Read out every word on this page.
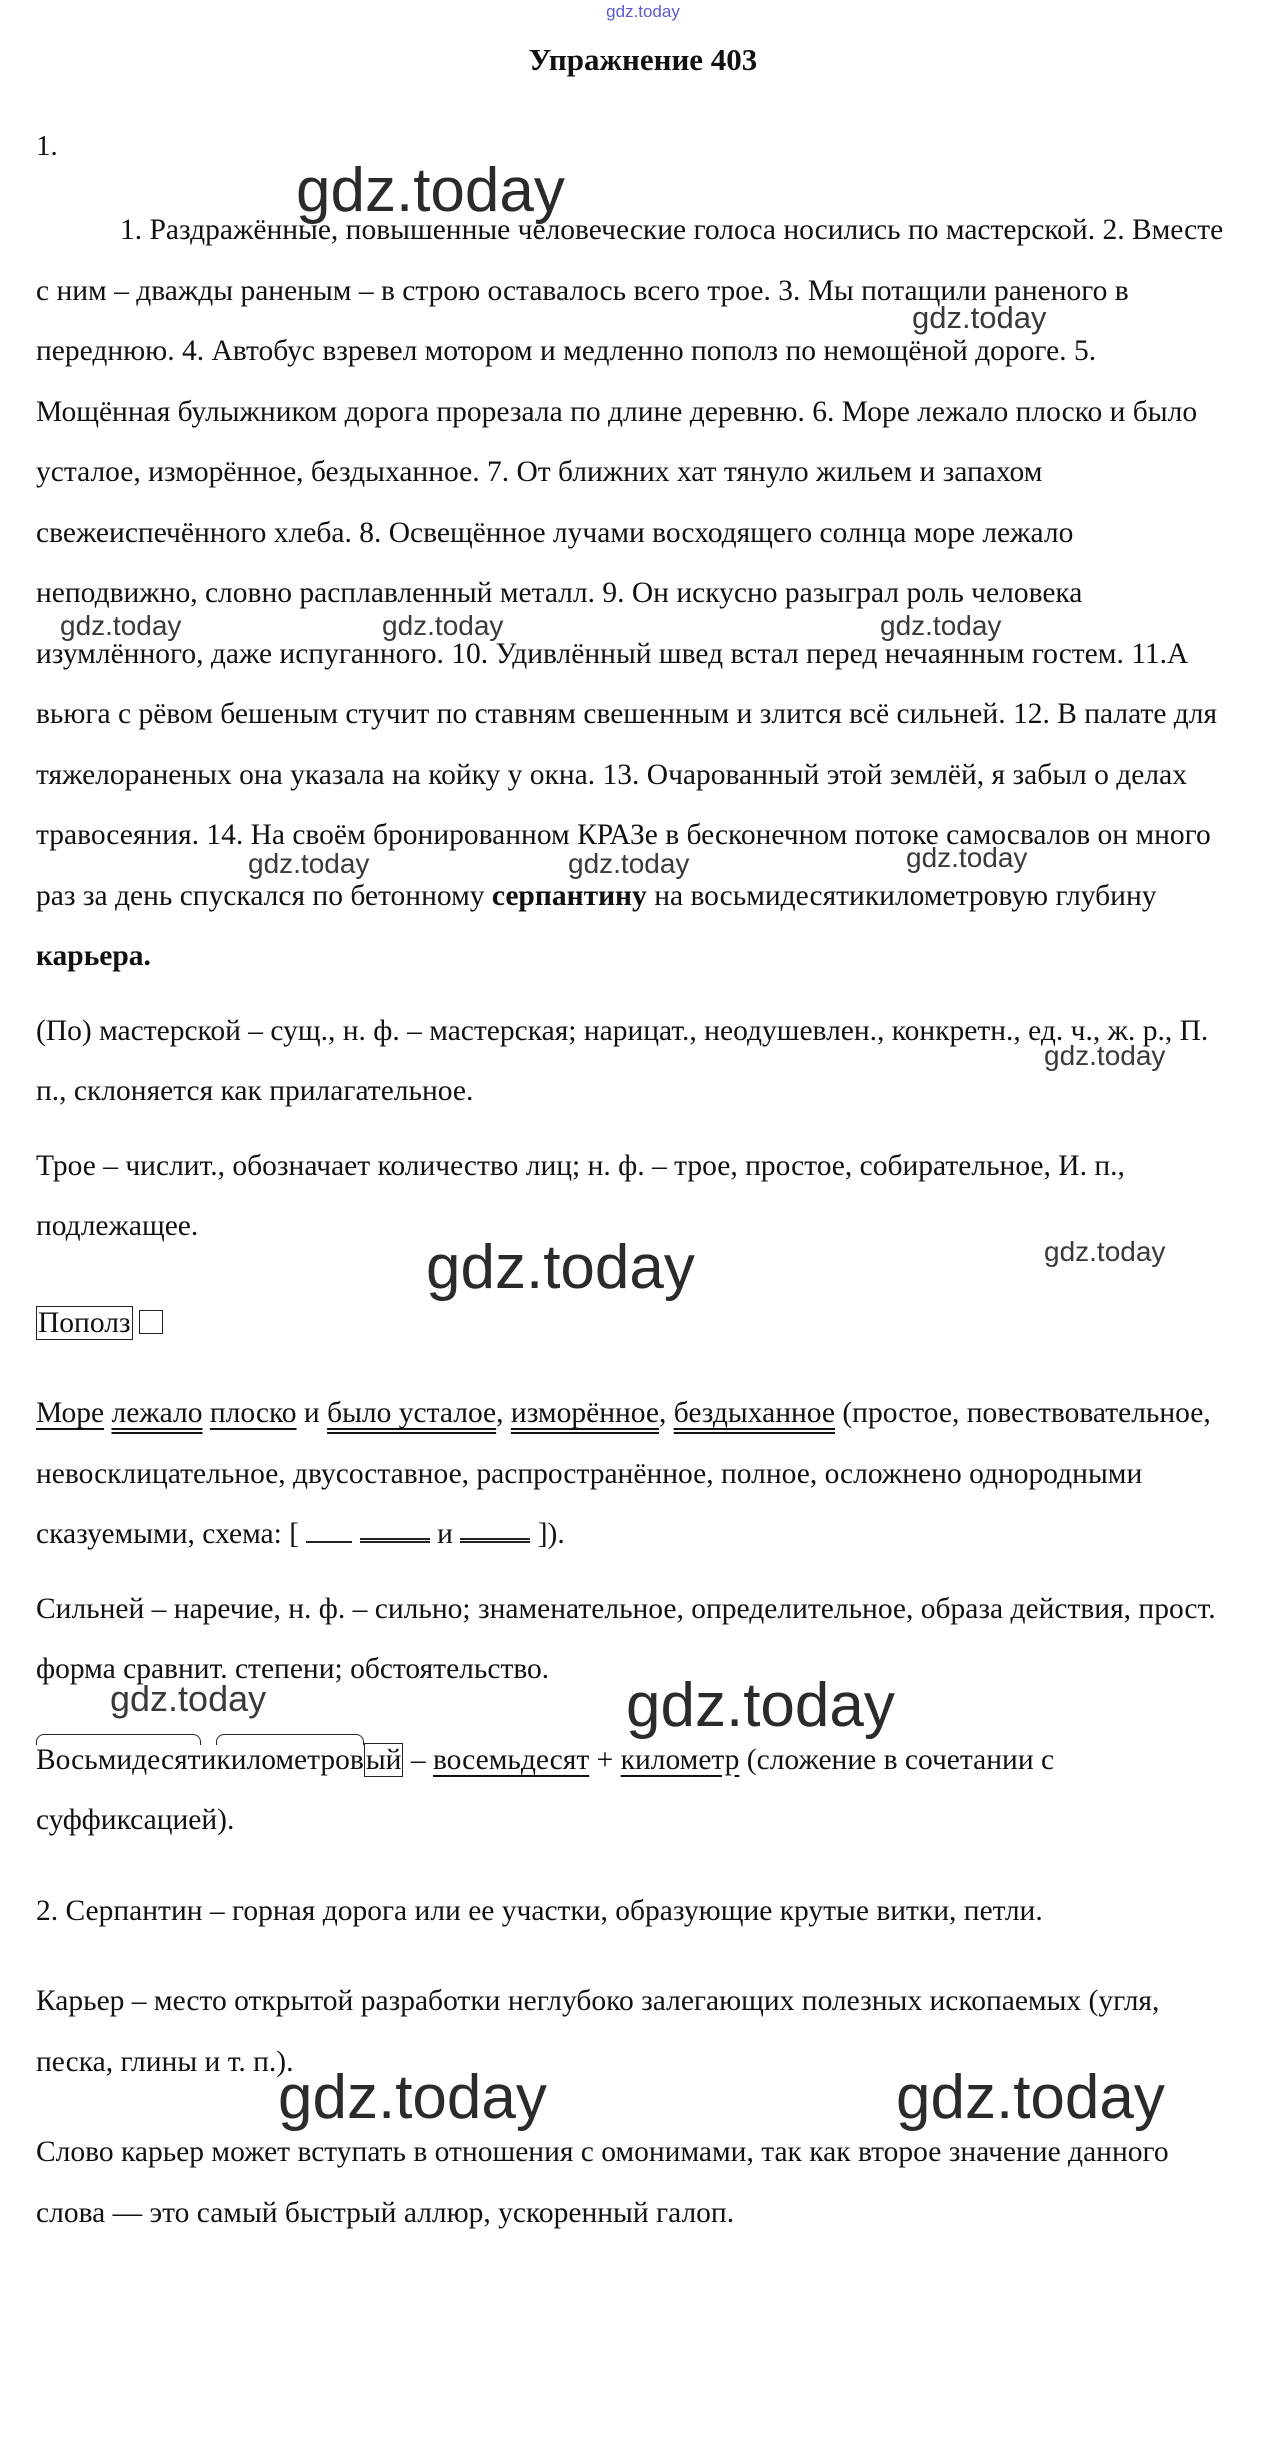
gdz.today
Упражнение 403
1.

1. Раздражённые, повышенные человеческие голоса носились по мастерской. 2. Вместе с ним – дважды раненым – в строю оставалось всего трое. 3. Мы потащили раненого в переднюю. 4. Автобус взревел мотором и медленно пополз по немощёной дороге. 5. Мощённая булыжником дорога прорезала по длине деревню. 6. Море лежало плоско и было усталое, изморённое, бездыханное. 7. От ближних хат тянуло жильем и запахом свежеиспечённого хлеба. 8. Освещённое лучами восходящего солнца море лежало неподвижно, словно расплавленный металл. 9. Он искусно разыграл роль человека изумлённого, даже испуганного. 10. Удивлённый швед встал перед нечаянным гостем. 11.А вьюга с рёвом бешеным стучит по ставням свешенным и злится всё сильней. 12. В палате для тяжелораненых она указала на койку у окна. 13. Очарованный этой землёй, я забыл о делах травосеяния. 14. На своём бронированном КРАЗе в бесконечном потоке самосвалов он много раз за день спускался по бетонному серпантину на восьмидесятикилометровую глубину карьера.

(По) мастерской – сущ., н. ф. – мастерская; нарицат., неодушевлен., конкретн., ед. ч., ж. р., П. п., склоняется как прилагательное.

Трое – числит., обозначает количество лиц; н. ф. – трое, простое, собирательное, И. п., подлежащее.

Пополз

Море лежало плоско и было усталое, изморённое, бездыханное (простое, повествовательное, невосклицательное, двусоставное, распространённое, полное, осложнено однородными сказуемыми, схема: [	и	]).

Сильней – наречие, н. ф. – сильно; знаменательное, определительное, образа действия, прост. форма сравнит. степени; обстоятельство.

Восьмидесятикилометровый – восемьдесят + километр (сложение в сочетании с суффиксацией).

2. Серпантин – горная дорога или ее участки, образующие крутые витки, петли.

Карьер – место открытой разработки неглубоко залегающих полезных ископаемых (угля, песка, глины и т. п.).

Слово карьер может вступать в отношения с омонимами, так как второе значение данного слова — это самый быстрый аллюр, ускоренный галоп.

gdz.today
gdz.today
gdz.today	gdz.today	gdz.today
gdz.today	gdz.today	gdz.today
gdz.today
gdz.today	gdz.today
gdz.today	gdz.today
gdz.today	gdz.today
